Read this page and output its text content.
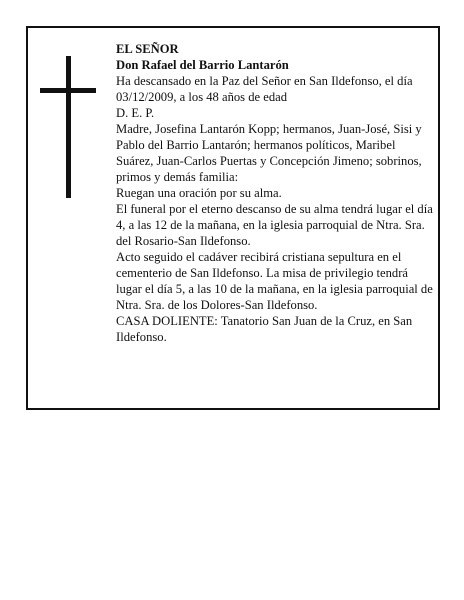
EL SEÑOR

Don Rafael del Barrio Lantarón

Ha descansado en la Paz del Señor en San Ildefonso, el día 03/12/2009, a los 48 años de edad

D. E. P.

Madre, Josefina Lantarón Kopp; hermanos, Juan-José, Sisi y Pablo del Barrio Lantarón; hermanos políticos, Maribel Suárez, Juan-Carlos Puertas y Concepción Jimeno; sobrinos, primos y demás familia:

Ruegan una oración por su alma.

El funeral por el eterno descanso de su alma tendrá lugar el día 4, a las 12 de la mañana, en la iglesia parroquial de Ntra. Sra. del Rosario-San Ildefonso.

Acto seguido el cadáver recibirá cristiana sepultura en el cementerio de San Ildefonso. La misa de privilegio tendrá lugar el día 5, a las 10 de la mañana, en la iglesia parroquial de Ntra. Sra. de los Dolores-San Ildefonso.

CASA DOLIENTE: Tanatorio San Juan de la Cruz, en San Ildefonso.
